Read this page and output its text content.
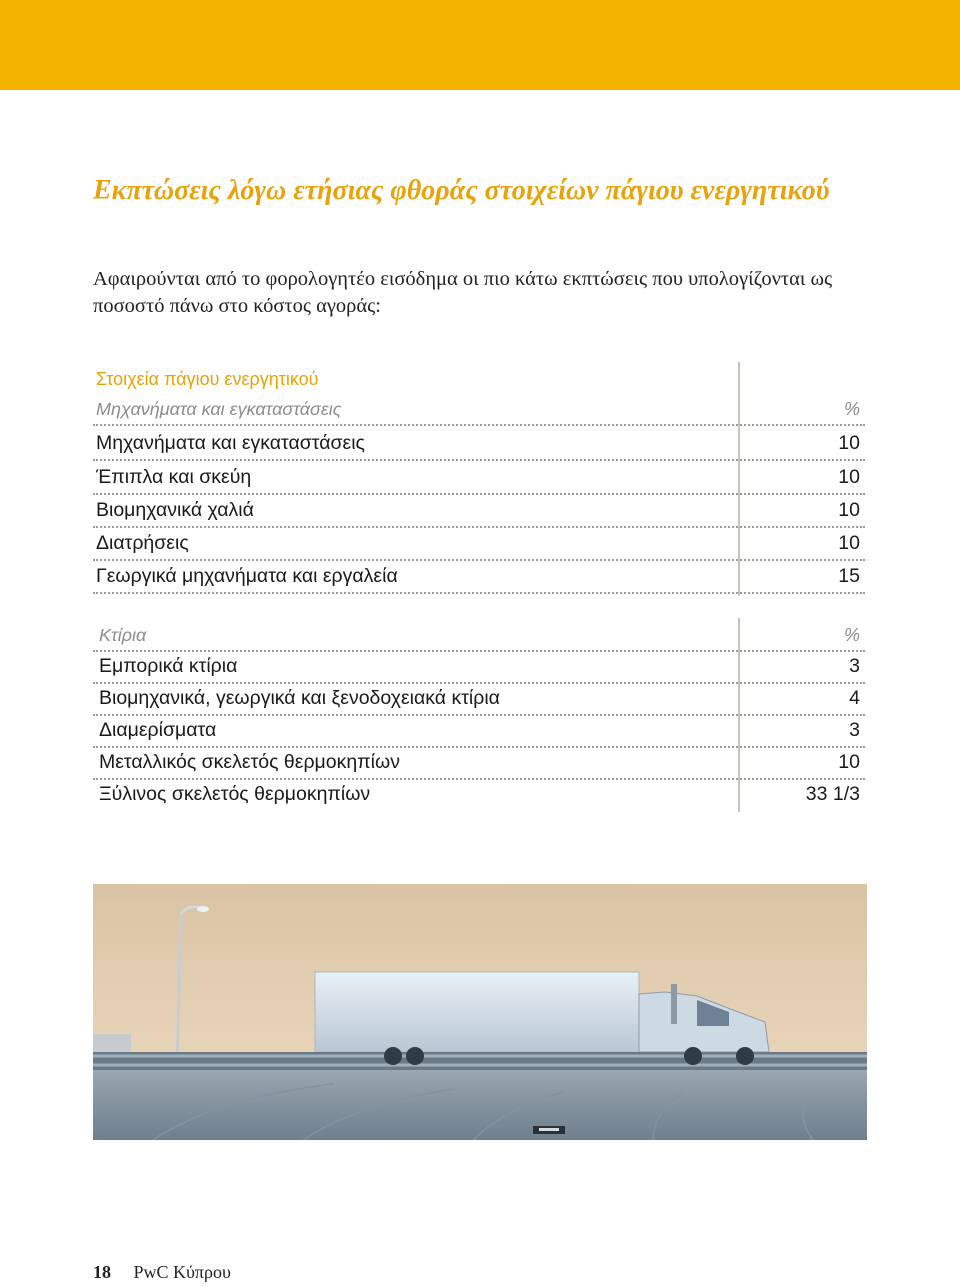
Εκπτώσεις λόγω ετήσιας φθοράς στοιχείων πάγιου ενεργητικού

Αφαιρούνται από το φορολογητέο εισόδημα οι πιο κάτω εκπτώσεις που υπολογίζονται ως ποσοστό πάνω στο κόστος αγοράς:

Στοιχεία πάγιου ενεργητικού
Μηχανήματα και εγκαταστάσεις	%
Μηχανήματα και εγκαταστάσεις	10
Έπιπλα και σκεύη	10
Βιομηχανικά χαλιά	10
Διατρήσεις	10
Γεωργικά μηχανήματα και εργαλεία	15
Κτίρια	%
Εμπορικά κτίρια	3
Βιομηχανικά, γεωργικά και ξενοδοχειακά κτίρια	4
Διαμερίσματα	3
Μεταλλικός σκελετός θερμοκηπίων	10
Ξύλινος σκελετός θερμοκηπίων	33 1/3
18 PwC Κύπρου
